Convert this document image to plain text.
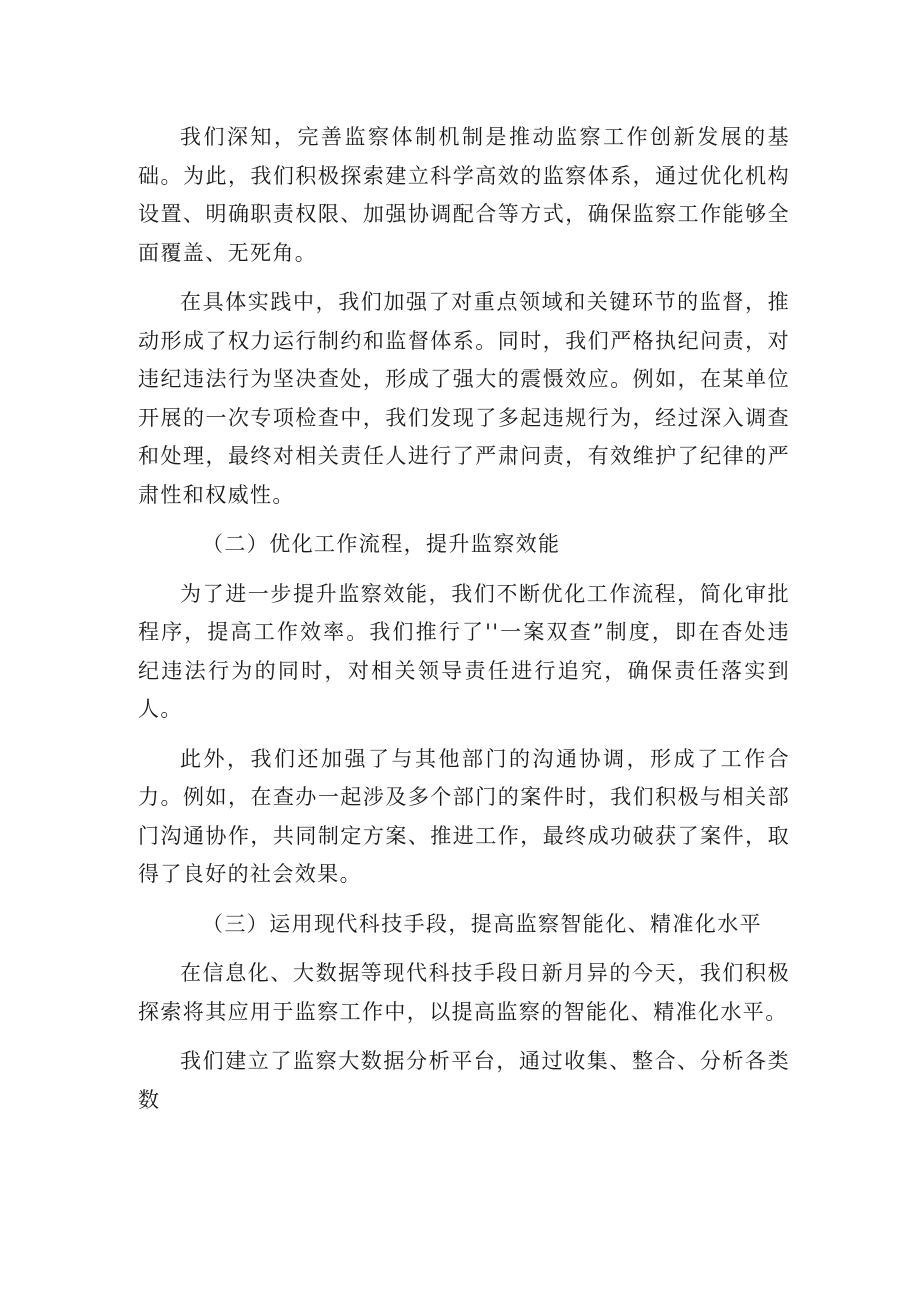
我们深知，完善监察体制机制是推动监察工作创新发展的基础。为此，我们积极探索建立科学高效的监察体系，通过优化机构设置、明确职责权限、加强协调配合等方式，确保监察工作能够全面覆盖、无死角。

在具体实践中，我们加强了对重点领域和关键环节的监督，推动形成了权力运行制约和监督体系。同时，我们严格执纪问责，对违纪违法行为坚决查处，形成了强大的震慑效应。例如，在某单位开展的一次专项检查中，我们发现了多起违规行为，经过深入调查和处理，最终对相关责任人进行了严肃问责，有效维护了纪律的严肃性和权威性。

（二）优化工作流程，提升监察效能

为了进一步提升监察效能，我们不断优化工作流程，简化审批程序，提高工作效率。我们推行了''一案双查”制度，即在杳处违纪违法行为的同时，对相关领导责任进行追究，确保责任落实到人。

此外，我们还加强了与其他部门的沟通协调，形成了工作合力。例如，在查办一起涉及多个部门的案件时，我们积极与相关部门沟通协作，共同制定方案、推进工作，最终成功破获了案件，取得了良好的社会效果。

（三）运用现代科技手段，提高监察智能化、精准化水平

在信息化、大数据等现代科技手段日新月异的今天，我们积极探索将其应用于监察工作中，以提高监察的智能化、精准化水平。

我们建立了监察大数据分析平台，通过收集、整合、分析各类数
